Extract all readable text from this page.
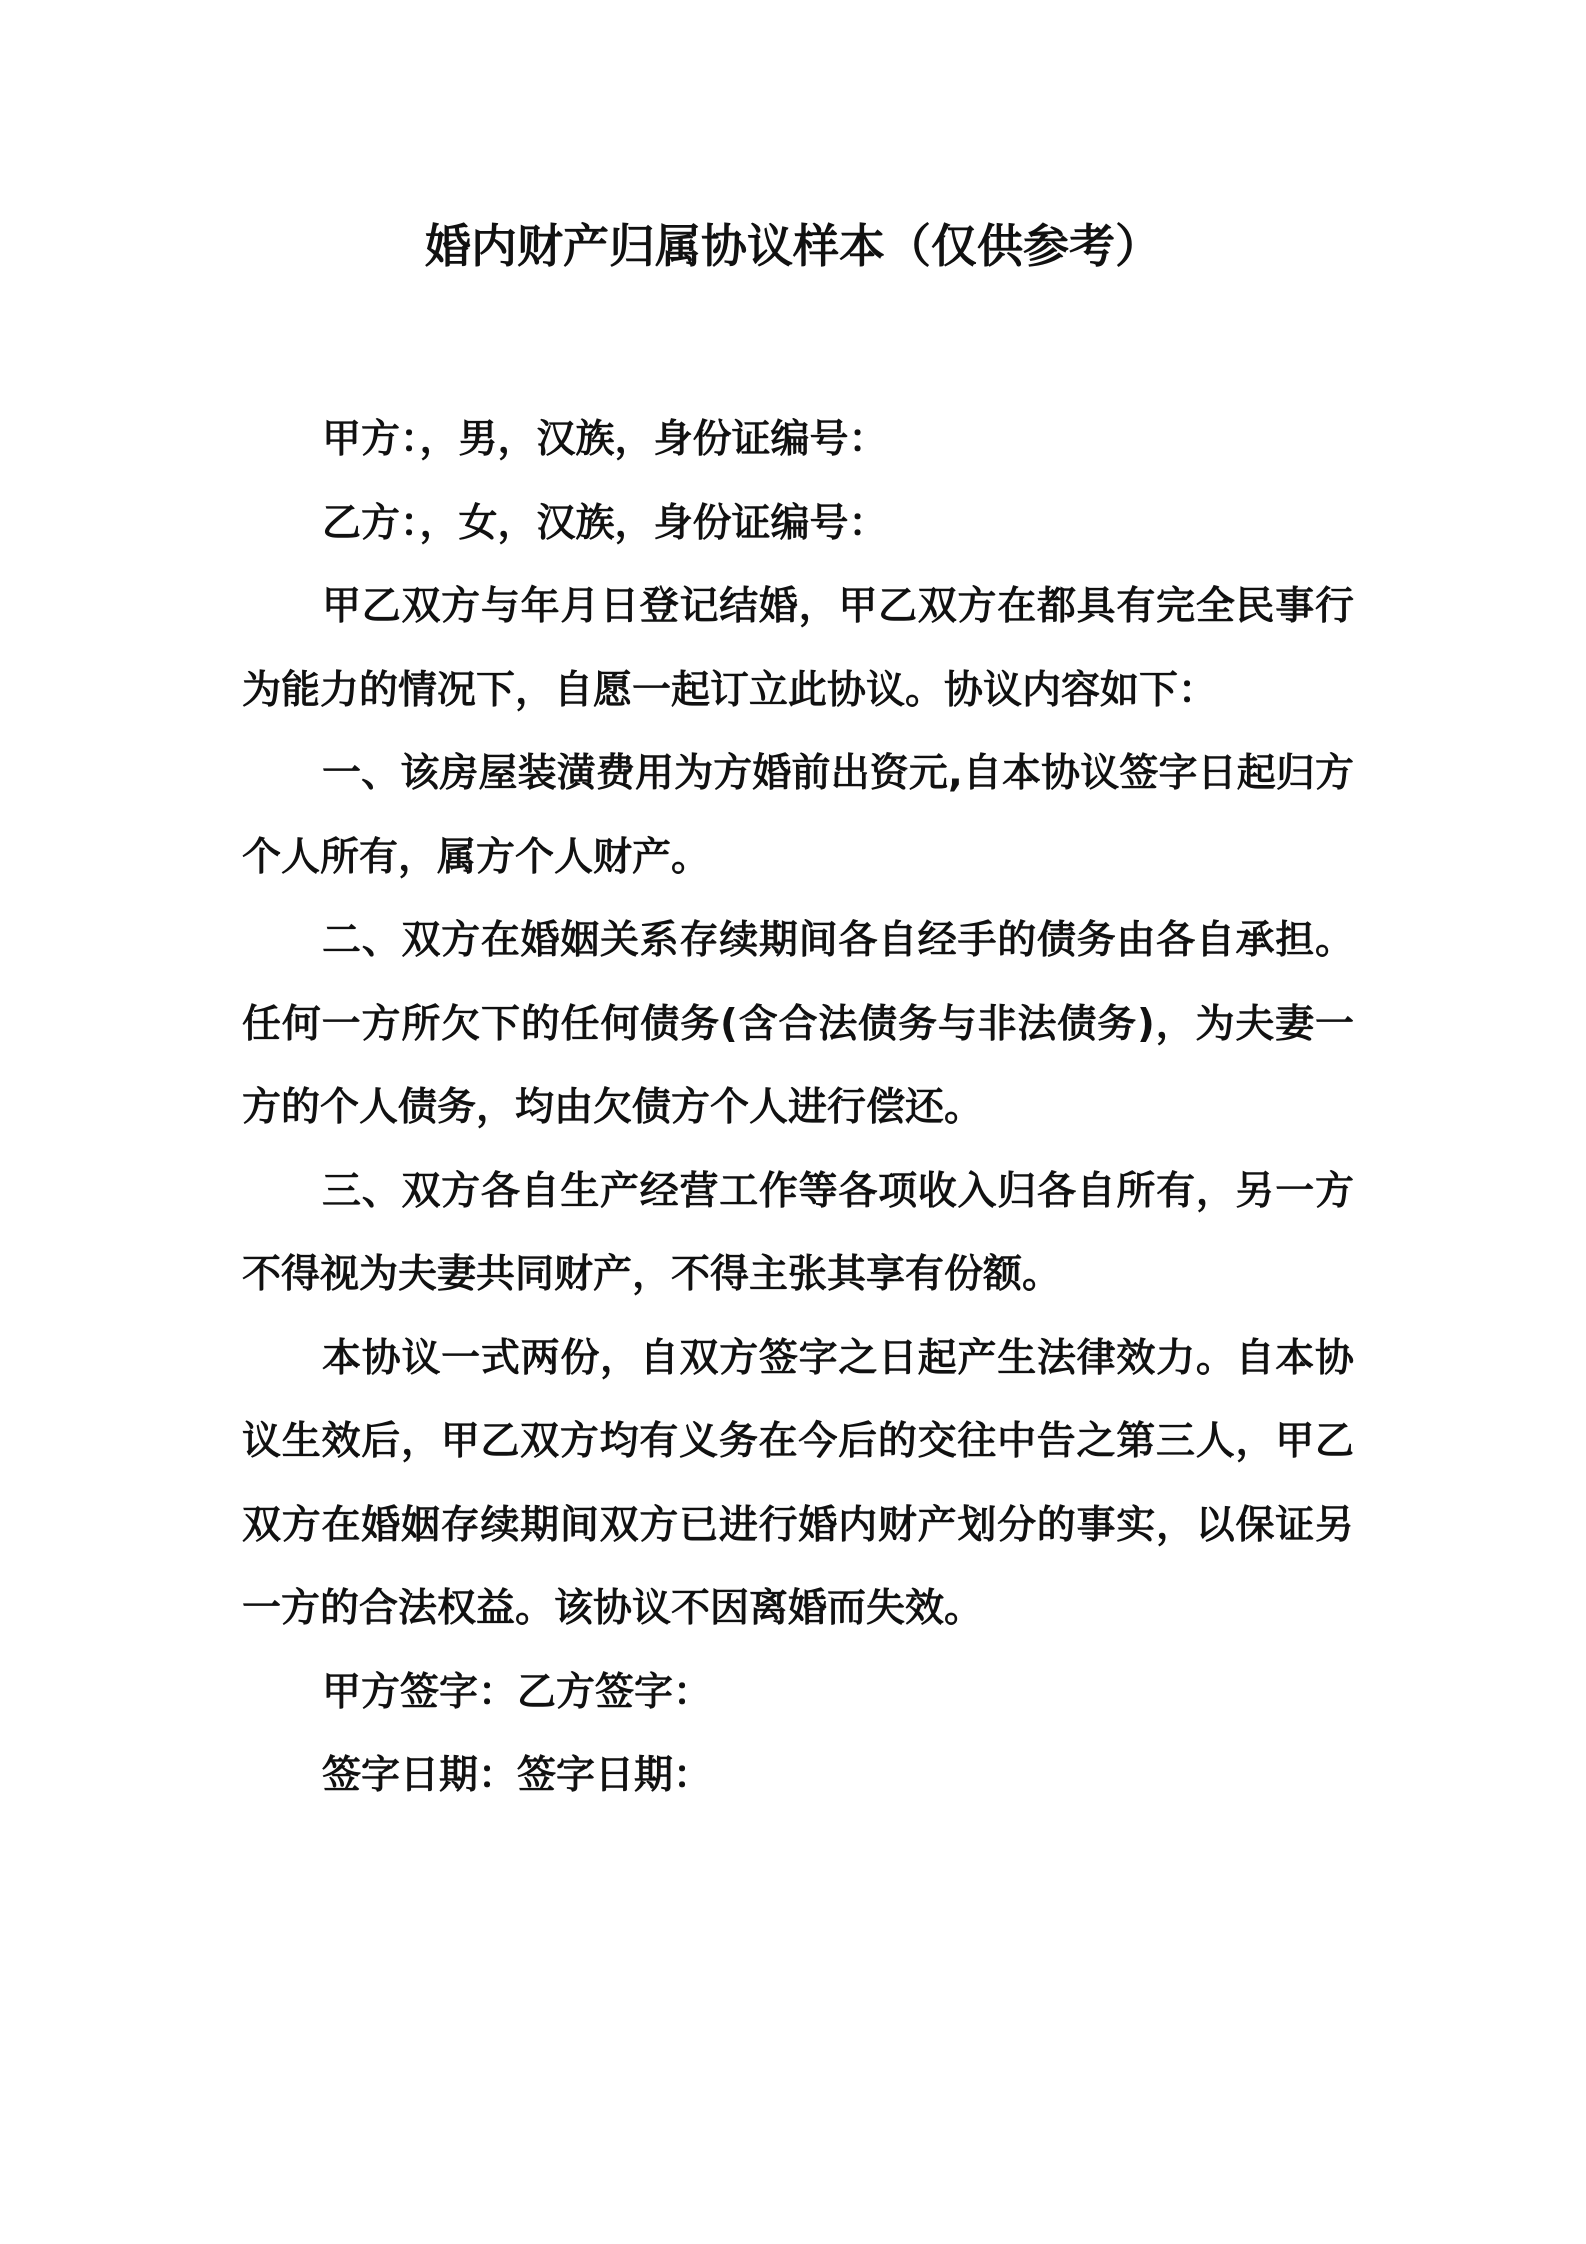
婚内财产归属协议样本（仅供参考）

甲方：，男，汉族，身份证编号：

乙方：，女，汉族，身份证编号：

甲乙双方与年月日登记结婚，甲乙双方在都具有完全民事行为能力的情况下，自愿一起订立此协议。协议内容如下：

一、该房屋装潢费用为方婚前出资元,自本协议签字日起归方个人所有，属方个人财产。

二、双方在婚姻关系存续期间各自经手的债务由各自承担。任何一方所欠下的任何债务(含合法债务与非法债务)，为夫妻一方的个人债务，均由欠债方个人进行偿还。

三、双方各自生产经营工作等各项收入归各自所有，另一方不得视为夫妻共同财产，不得主张其享有份额。

本协议一式两份，自双方签字之日起产生法律效力。自本协议生效后，甲乙双方均有义务在今后的交往中告之第三人，甲乙双方在婚姻存续期间双方已进行婚内财产划分的事实，以保证另一方的合法权益。该协议不因离婚而失效。

甲方签字：乙方签字：

签字日期：签字日期：
